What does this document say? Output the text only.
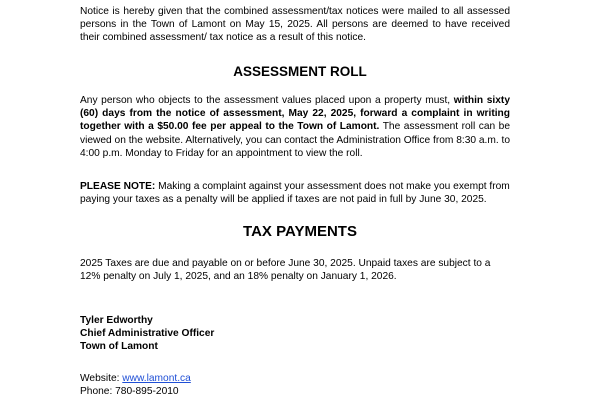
Notice is hereby given that the combined assessment/tax notices were mailed to all assessed persons in the Town of Lamont on May 15, 2025. All persons are deemed to have received their combined assessment/ tax notice as a result of this notice.

ASSESSMENT ROLL

Any person who objects to the assessment values placed upon a property must, within sixty (60) days from the notice of assessment, May 22, 2025, forward a complaint in writing together with a $50.00 fee per appeal to the Town of Lamont. The assessment roll can be viewed on the website. Alternatively, you can contact the Administration Office from 8:30 a.m. to 4:00 p.m. Monday to Friday for an appointment to view the roll.

PLEASE NOTE: Making a complaint against your assessment does not make you exempt from paying your taxes as a penalty will be applied if taxes are not paid in full by June 30, 2025.

TAX PAYMENTS

2025 Taxes are due and payable on or before June 30, 2025. Unpaid taxes are subject to a 12% penalty on July 1, 2025, and an 18% penalty on January 1, 2026.

Tyler Edworthy
Chief Administrative Officer
Town of Lamont
Website: www.lamont.ca
Phone: 780-895-2010
